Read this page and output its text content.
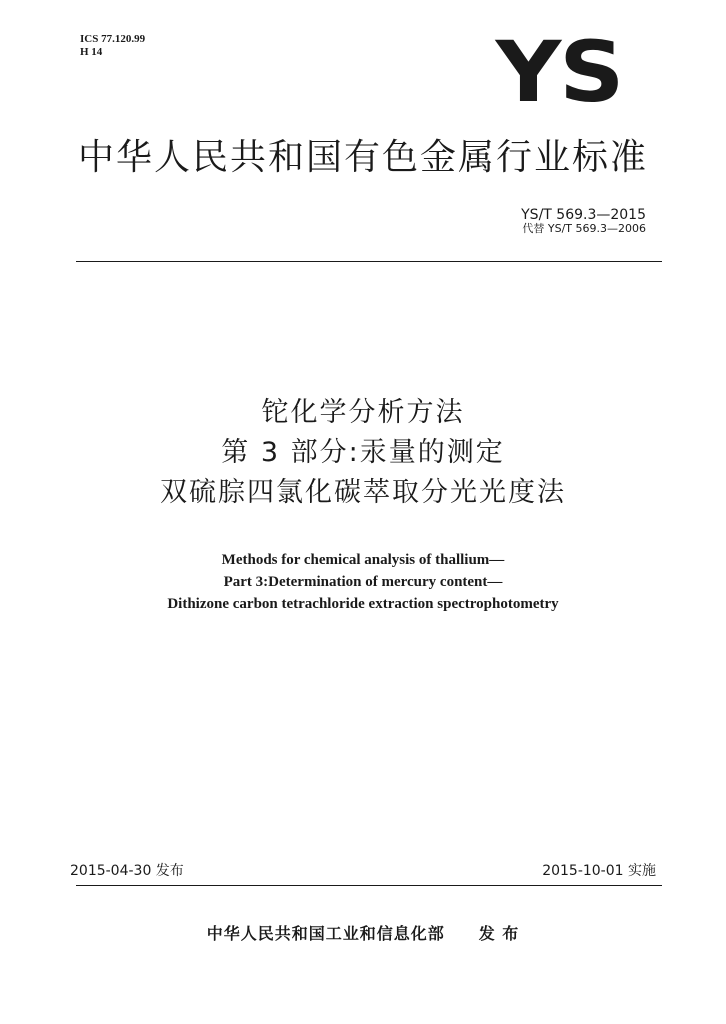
ICS 77.120.99
H 14	YS
中华人民共和国有色金属行业标准
YS/T 569.3—2015
代替 YS/T 569.3—2006
铊化学分析方法
第 3 部分:汞量的测定
双硫腙四氯化碳萃取分光光度法
Methods for chemical analysis of thallium—
Part 3:Determination of mercury content—
Dithizone carbon tetrachloride extraction spectrophotometry
2015-04-30 发布	2015-10-01 实施
中华人民共和国工业和信息化部 发 布
